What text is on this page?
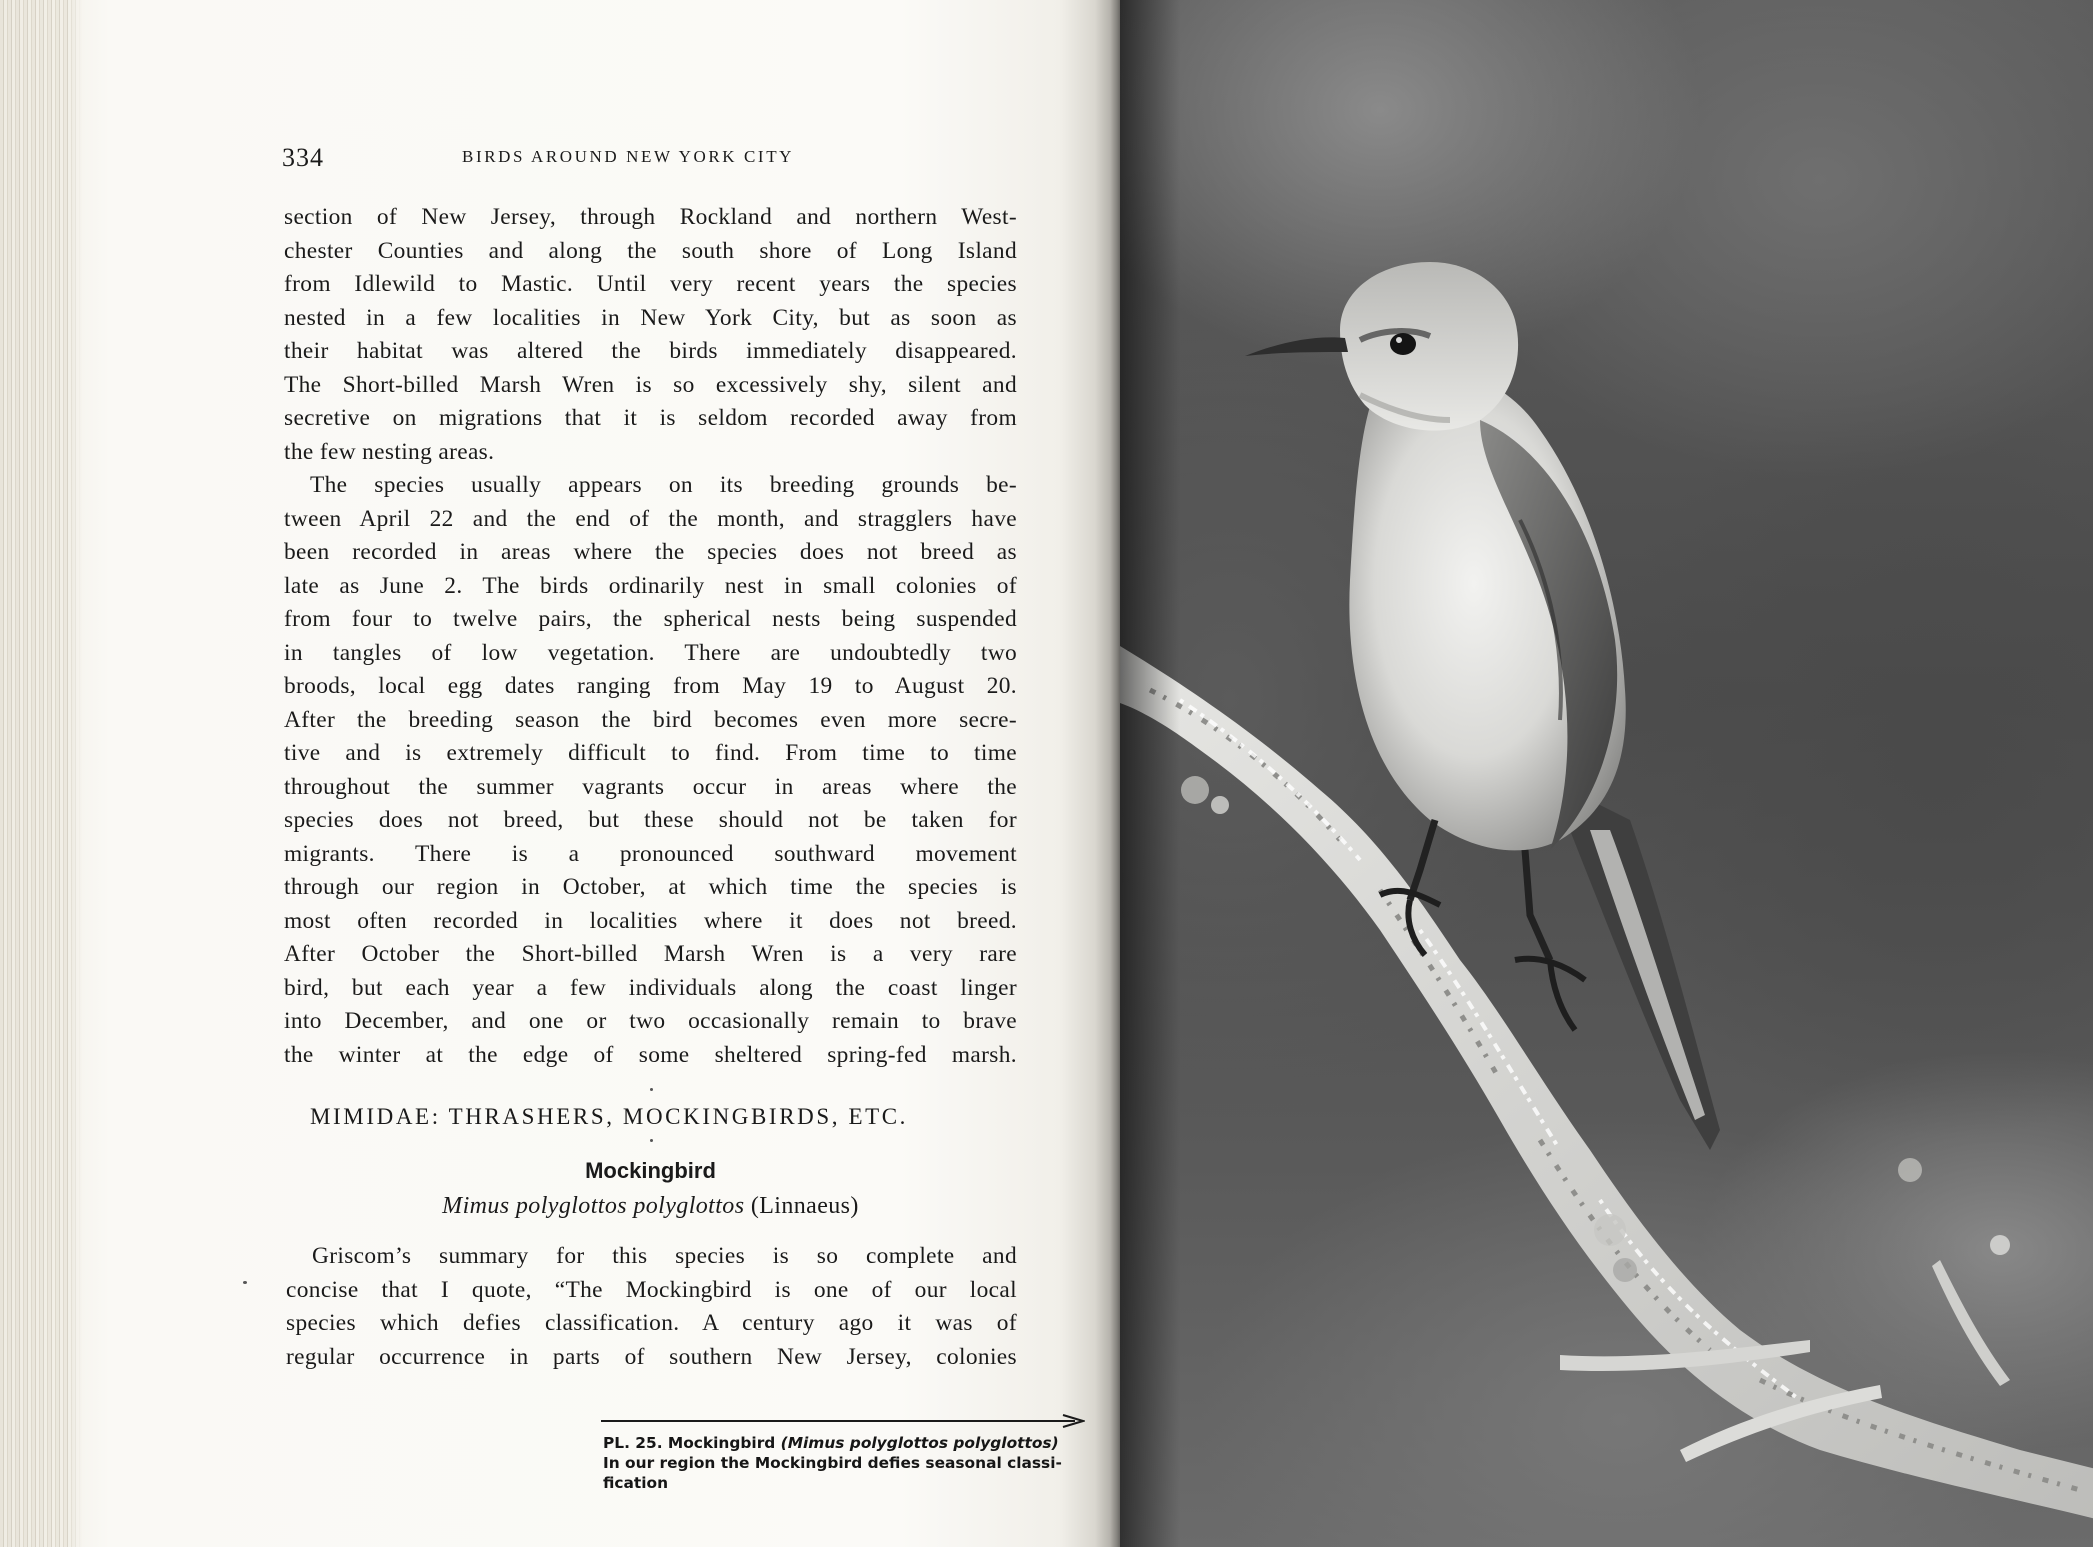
334	BIRDS AROUND NEW YORK CITY
section of New Jersey, through Rockland and northern West-
chester Counties and along the south shore of Long Island
from Idlewild to Mastic. Until very recent years the species
nested in a few localities in New York City, but as soon as
their habitat was altered the birds immediately disappeared.
The Short-billed Marsh Wren is so excessively shy, silent and
secretive on migrations that it is seldom recorded away from
the few nesting areas.
The species usually appears on its breeding grounds be-
tween April 22 and the end of the month, and stragglers have
been recorded in areas where the species does not breed as
late as June 2. The birds ordinarily nest in small colonies of
from four to twelve pairs, the spherical nests being suspended
in tangles of low vegetation. There are undoubtedly two
broods, local egg dates ranging from May 19 to August 20.
After the breeding season the bird becomes even more secre-
tive and is extremely difficult to find. From time to time
throughout the summer vagrants occur in areas where the
species does not breed, but these should not be taken for
migrants. There is a pronounced southward movement
through our region in October, at which time the species is
most often recorded in localities where it does not breed.
After October the Short-billed Marsh Wren is a very rare
bird, but each year a few individuals along the coast linger
into December, and one or two occasionally remain to brave
the winter at the edge of some sheltered spring-fed marsh.
MIMIDAE: THRASHERS, MOCKINGBIRDS, ETC.
Mockingbird
Mimus polyglottos polyglottos (Linnaeus)
Griscom’s summary for this species is so complete and
concise that I quote, “The Mockingbird is one of our local
species which defies classification. A century ago it was of
regular occurrence in parts of southern New Jersey, colonies
PL. 25. Mockingbird (Mimus polyglottos polyglottos)
In our region the Mockingbird defies seasonal classi-
fication
